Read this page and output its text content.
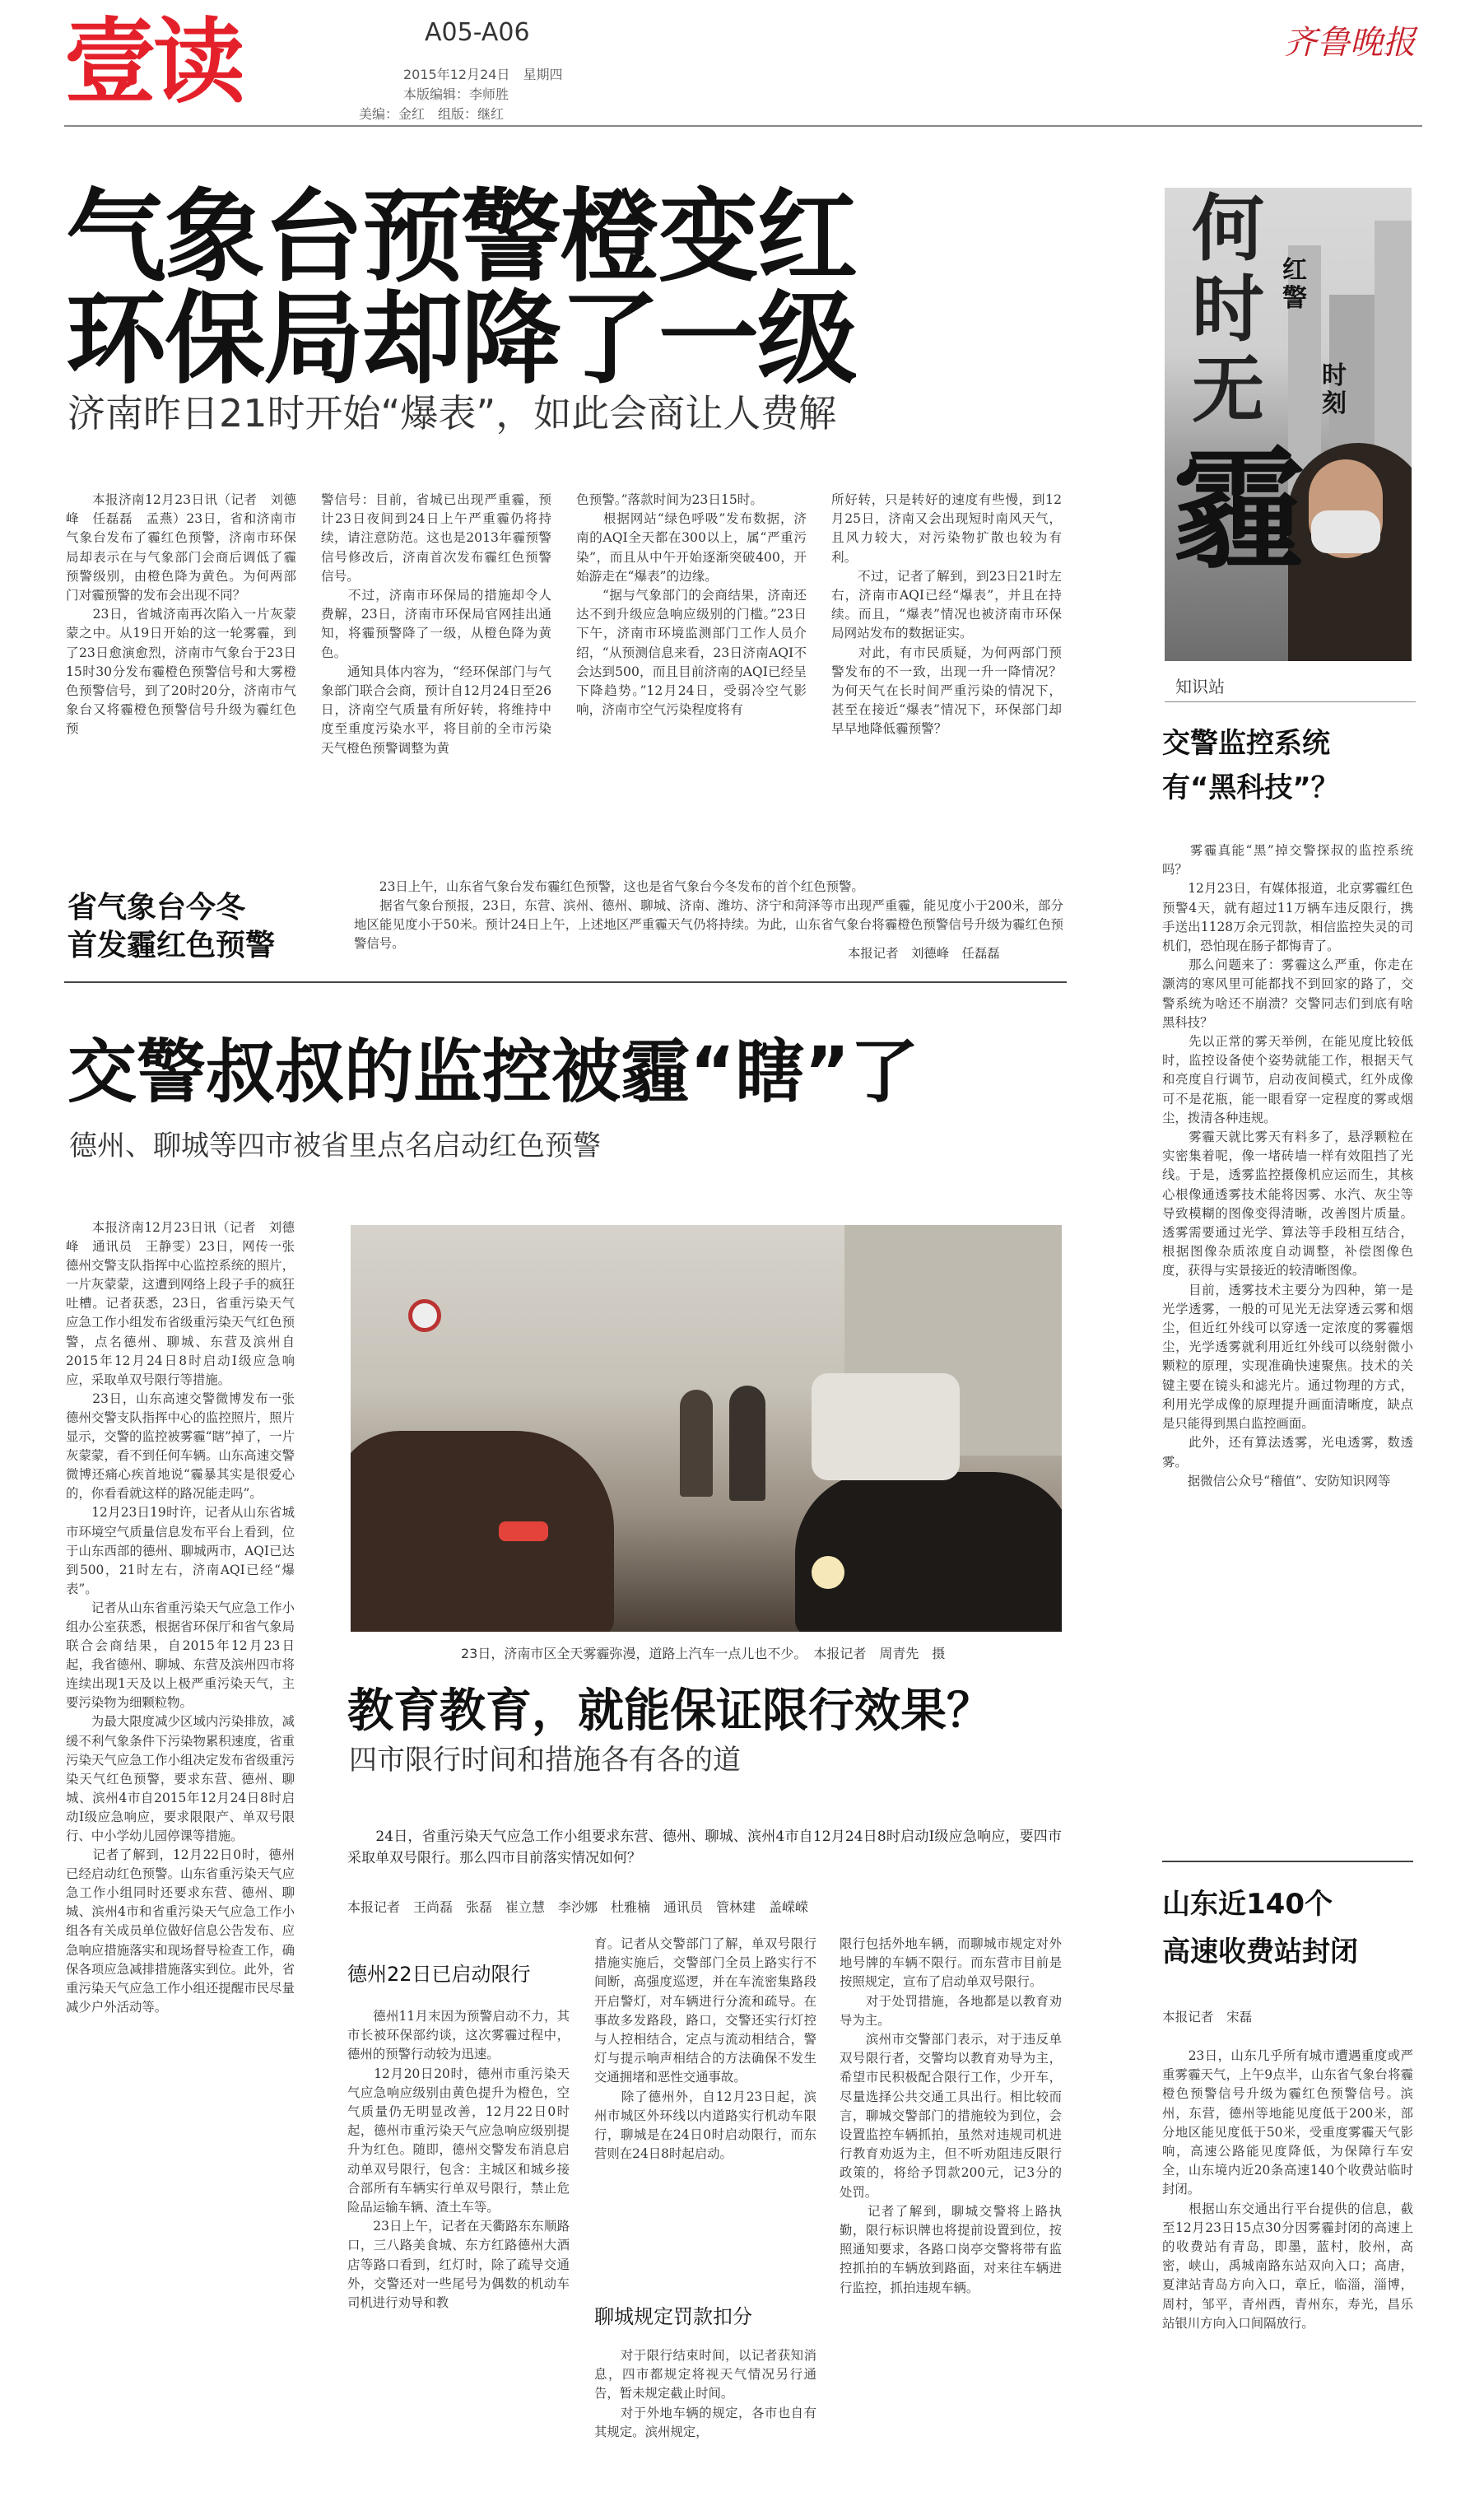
壹读	A05-A06
2015年12月24日　星期四
本版编辑：李师胜
美编：金红　组版：继红
齐鲁晚报
气象台预警橙变红
环保局却降了一级
济南昨日21时开始“爆表”，如此会商让人费解
　　本报济南12月23日讯（记者　刘德峰　任磊磊　孟燕）23日，省和济南市气象台发布了霾红色预警，济南市环保局却表示在与气象部门会商后调低了霾预警级别，由橙色降为黄色。为何两部门对霾预警的发布会出现不同？
　　23日，省城济南再次陷入一片灰蒙蒙之中。从19日开始的这一轮雾霾，到了23日愈演愈烈，济南市气象台于23日15时30分发布霾橙色预警信号和大雾橙色预警信号，到了20时20分，济南市气象台又将霾橙色预警信号升级为霾红色预
警信号：目前，省城已出现严重霾，预计23日夜间到24日上午严重霾仍将持续，请注意防范。这也是2013年霾预警信号修改后，济南首次发布霾红色预警信号。
　　不过，济南市环保局的措施却令人费解，23日，济南市环保局官网挂出通知，将霾预警降了一级，从橙色降为黄色。
　　通知具体内容为，“经环保部门与气象部门联合会商，预计自12月24日至26日，济南空气质量有所好转，将维持中度至重度污染水平，将目前的全市污染天气橙色预警调整为黄
色预警。”落款时间为23日15时。
　　根据网站“绿色呼吸”发布数据，济南的AQI全天都在300以上，属“严重污染”，而且从中午开始逐渐突破400，开始游走在“爆表”的边缘。
　　“据与气象部门的会商结果，济南还达不到升级应急响应级别的门槛。”23日下午，济南市环境监测部门工作人员介绍，“从预测信息来看，23日济南AQI不会达到500，而且目前济南的AQI已经呈下降趋势。”12月24日，受弱冷空气影响，济南市空气污染程度将有
所好转，只是转好的速度有些慢，到12月25日，济南又会出现短时南风天气，且风力较大，对污染物扩散也较为有利。
　　不过，记者了解到，到23日21时左右，济南市AQI已经“爆表”，并且在持续。而且，“爆表”情况也被济南市环保局网站发布的数据证实。
　　对此，有市民质疑，为何两部门预警发布的不一致，出现一升一降情况？为何天气在长时间严重污染的情况下，甚至在接近“爆表”情况下，环保部门却早早地降低霾预警？
省气象台今冬
首发霾红色预警
　　23日上午，山东省气象台发布霾红色预警，这也是省气象台今冬发布的首个红色预警。
　　据省气象台预报，23日，东营、滨州、德州、聊城、济南、潍坊、济宁和菏泽等市出现严重霾，能见度小于200米，部分地区能见度小于50米。预计24日上午，上述地区严重霾天气仍将持续。为此，山东省气象台将霾橙色预警信号升级为霾红色预警信号。
本报记者　刘德峰　任磊磊
何
时
无
霾
红警
时刻
知识站
交警监控系统
有“黑科技”？
　　雾霾真能“黑”掉交警探叔的监控系统吗？
　　12月23日，有媒体报道，北京雾霾红色预警4天，就有超过11万辆车违反限行，携手送出1128万余元罚款，相信监控失灵的司机们，恐怕现在肠子都悔青了。
　　那么问题来了：雾霾这么严重，你走在灏湾的寒风里可能都找不到回家的路了，交警系统为啥还不崩溃？交警同志们到底有啥黑科技？
　　先以正常的雾天举例，在能见度比较低时，监控设备使个姿势就能工作，根据天气和亮度自行调节，启动夜间模式，红外成像可不是花瓶，能一眼看穿一定程度的雾或烟尘，拨清各种违规。
　　雾霾天就比雾天有料多了，悬浮颗粒在实密集着呢，像一堵砖墙一样有效阻挡了光线。于是，透雾监控摄像机应运而生，其核心根像通透雾技术能将因雾、水汽、灰尘等导致模糊的图像变得清晰，改善图片质量。透雾需要通过光学、算法等手段相互结合，根据图像杂质浓度自动调整，补偿图像色度，获得与实景接近的较清晰图像。
　　目前，透雾技术主要分为四种，第一是光学透雾，一般的可见光无法穿透云雾和烟尘，但近红外线可以穿透一定浓度的雾霾烟尘，光学透雾就利用近红外线可以绕射微小颗粒的原理，实现准确快速聚焦。技术的关键主要在镜头和滤光片。通过物理的方式，利用光学成像的原理提升画面清晰度，缺点是只能得到黑白监控画面。
　　此外，还有算法透雾，光电透雾，数透雾。
　　据微信公众号“稽值”、安防知识网等
山东近140个
高速收费站封闭
本报记者　宋磊
　　23日，山东几乎所有城市遭遇重度或严重雾霾天气，上午9点半，山东省气象台将霾橙色预警信号升级为霾红色预警信号。滨州，东营，德州等地能见度低于200米，部分地区能见度低于50米，受重度雾霾天气影响，高速公路能见度降低，为保障行车安全，山东境内近20条高速140个收费站临时封闭。
　　根据山东交通出行平台提供的信息，截至12月23日15点30分因雾霾封闭的高速上的收费站有青岛，即墨，蓝村，胶州，高密，峡山，禹城南路东站双向入口；高唐，夏津站青岛方向入口，章丘，临淄，淄博，周村，邹平，青州西，青州东，寿光，昌乐站银川方向入口间隔放行。
交警叔叔的监控被霾“瞎”了
德州、聊城等四市被省里点名启动红色预警
　　本报济南12月23日讯（记者　刘德峰　通讯员　王静雯）23日，网传一张德州交警支队指挥中心监控系统的照片，一片灰蒙蒙，这遭到网络上段子手的疯狂吐槽。记者获悉，23日，省重污染天气应急工作小组发布省级重污染天气红色预警，点名德州、聊城、东营及滨州自2015年12月24日8时启动Ⅰ级应急响应，采取单双号限行等措施。
　　23日，山东高速交警微博发布一张德州交警支队指挥中心的监控照片，照片显示，交警的监控被雾霾“瞎”掉了，一片灰蒙蒙，看不到任何车辆。山东高速交警微博还痛心疾首地说“霾暴其实是很爱心的，你看看就这样的路况能走吗”。
　　12月23日19时许，记者从山东省城市环境空气质量信息发布平台上看到，位于山东西部的德州、聊城两市，AQI已达到500，21时左右，济南AQI已经“爆表”。
　　记者从山东省重污染天气应急工作小组办公室获悉，根据省环保厅和省气象局联合会商结果，自2015年12月23日起，我省德州、聊城、东营及滨州四市将连续出现1天及以上极严重污染天气，主要污染物为细颗粒物。
　　为最大限度减少区域内污染排放，减缓不利气象条件下污染物累积速度，省重污染天气应急工作小组决定发布省级重污染天气红色预警，要求东营、德州、聊城、滨州4市自2015年12月24日8时启动Ⅰ级应急响应，要求限限产、单双号限行、中小学幼儿园停课等措施。
　　记者了解到，12月22日0时，德州已经启动红色预警。山东省重污染天气应急工作小组同时还要求东营、德州、聊城、滨州4市和省重污染天气应急工作小组各有关成员单位做好信息公告发布、应急响应措施落实和现场督导检查工作，确保各项应急减排措施落实到位。此外，省重污染天气应急工作小组还提醒市民尽量减少户外活动等。
23日，济南市区全天雾霾弥漫，道路上汽车一点儿也不少。　本报记者　周青先　摄
教育教育，就能保证限行效果？
四市限行时间和措施各有各的道
　　24日，省重污染天气应急工作小组要求东营、德州、聊城、滨州4市自12月24日8时启动Ⅰ级应急响应，要四市采取单双号限行。那么四市目前落实情况如何？
本报记者　王尚磊　张磊　崔立慧　李沙娜　杜雅楠　通讯员　管林建　盖嵘嵘
德州22日已启动限行
　　德州11月末因为预警启动不力，其市长被环保部约谈，这次雾霾过程中，德州的预警行动较为迅速。
　　12月20日20时，德州市重污染天气应急响应级别由黄色提升为橙色，空气质量仍无明显改善，12月22日0时起，德州市重污染天气应急响应级别提升为红色。随即，德州交警发布消息启动单双号限行，包含：主城区和城乡接合部所有车辆实行单双号限行，禁止危险品运输车辆、渣土车等。
　　23日上午，记者在天衢路东东顺路口，三八路美食城、东方红路德州大酒店等路口看到，红灯时，除了疏导交通外，交警还对一些尾号为偶数的机动车司机进行劝导和教
育。记者从交警部门了解，单双号限行措施实施后，交警部门全员上路实行不间断，高强度巡逻，并在车流密集路段开启警灯，对车辆进行分流和疏导。在事故多发路段，路口，交警还实行灯控与人控相结合，定点与流动相结合，警灯与提示响声相结合的方法确保不发生交通拥堵和恶性交通事故。
　　除了德州外，自12月23日起，滨州市城区外环线以内道路实行机动车限行，聊城是在24日0时启动限行，而东营则在24日8时起启动。
聊城规定罚款扣分
　　对于限行结束时间，以记者获知消息，四市都规定将视天气情况另行通告，暂未规定截止时间。
　　对于外地车辆的规定，各市也自有其规定。滨州规定，
限行包括外地车辆，而聊城市规定对外地号牌的车辆不限行。而东营市目前是按照规定，宣布了启动单双号限行。
　　对于处罚措施，各地都是以教育劝导为主。
　　滨州市交警部门表示，对于违反单双号限行者，交警均以教育劝导为主，希望市民积极配合限行工作，少开车，尽量选择公共交通工具出行。相比较而言，聊城交警部门的措施较为到位，会设置监控车辆抓拍，虽然对违规司机进行教育劝返为主，但不听劝阻违反限行政策的，将给予罚款200元，记3分的处罚。
　　记者了解到，聊城交警将上路执勤，限行标识牌也将提前设置到位，按照通知要求，各路口岗亭交警将带有监控抓拍的车辆放到路面，对来往车辆进行监控，抓拍违规车辆。
